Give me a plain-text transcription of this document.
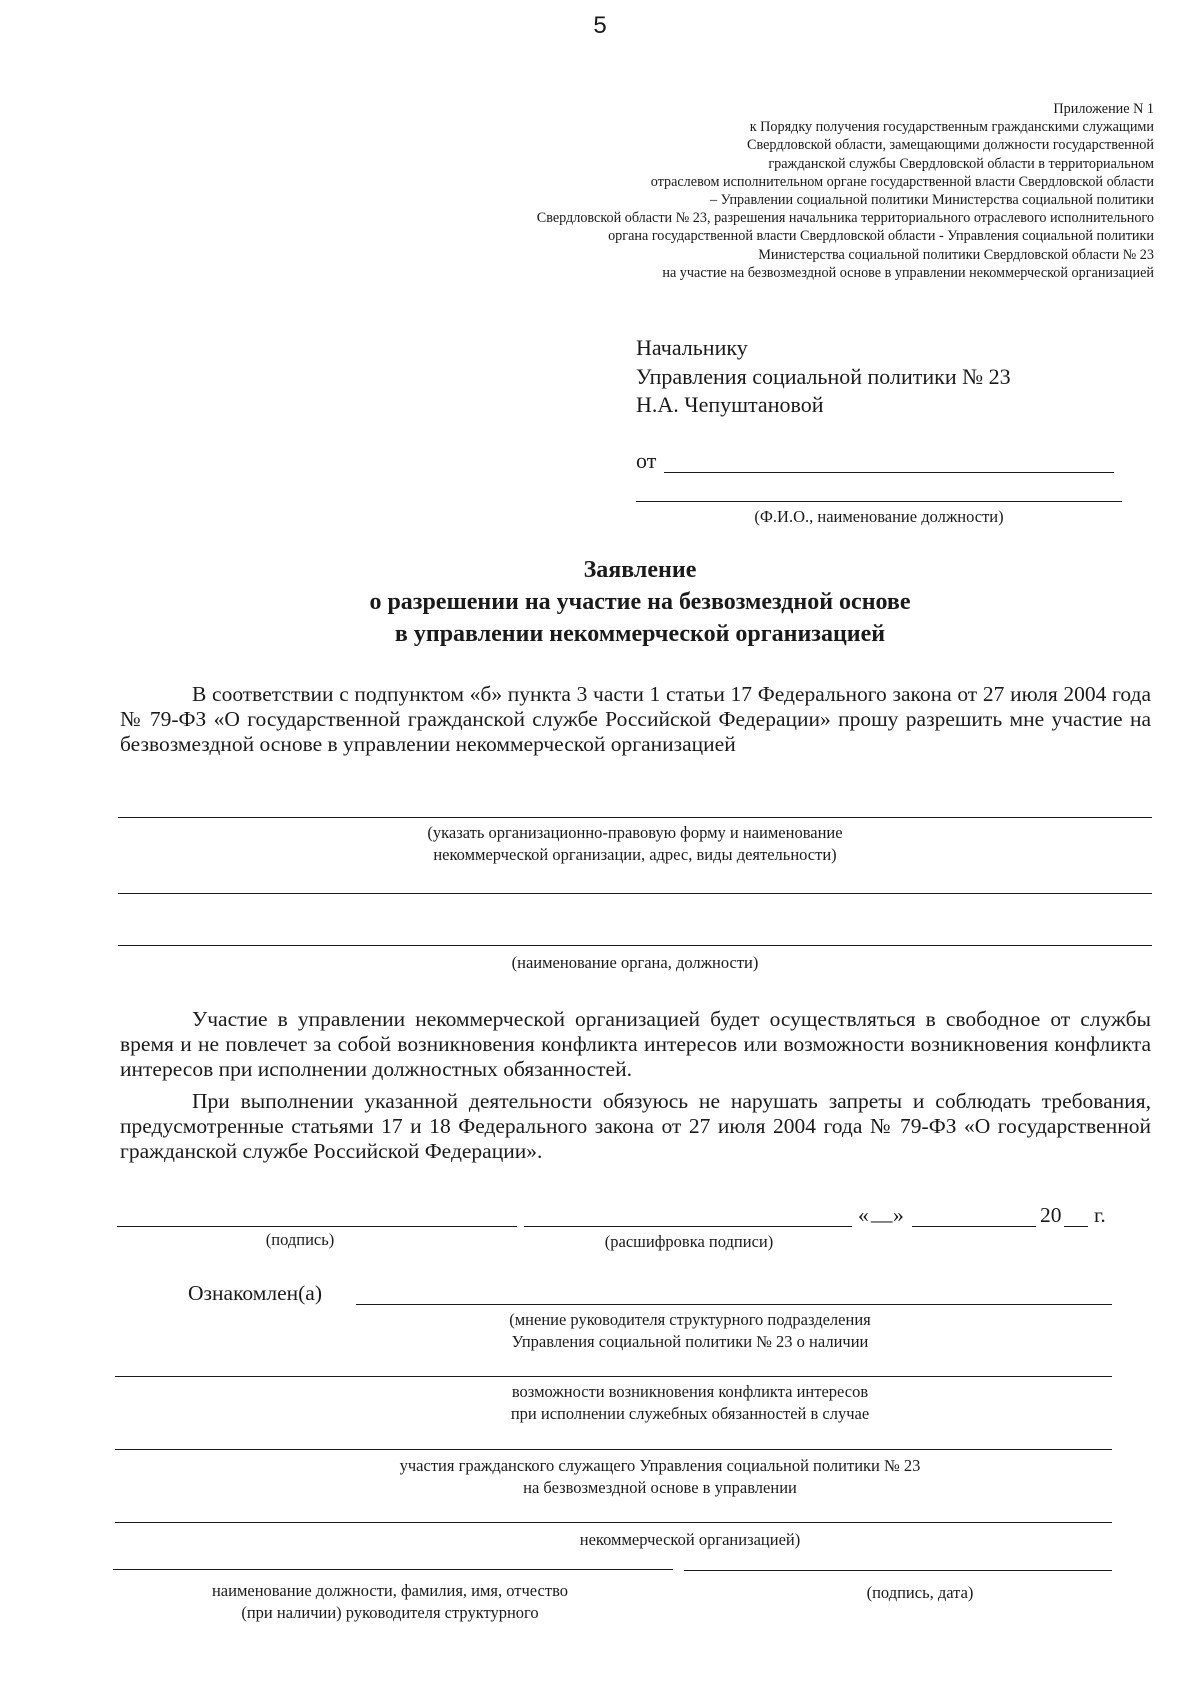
5
Приложение N 1
к Порядку получения государственным гражданскими служащими
Свердловской области, замещающими должности государственной
гражданской службы Свердловской области в территориальном
отраслевом исполнительном органе государственной власти Свердловской области
– Управлении социальной политики Министерства социальной политики
Свердловской области № 23, разрешения начальника территориального отраслевого исполнительного
органа государственной власти Свердловской области - Управления социальной политики
Министерства социальной политики Свердловской области № 23
на участие на безвозмездной основе в управлении некоммерческой организацией
Начальнику
Управления социальной политики № 23
Н.А. Чепуштановой
от
(Ф.И.О., наименование должности)
Заявление
о разрешении на участие на безвозмездной основе
в управлении некоммерческой организацией
В соответствии с подпунктом «б» пункта 3 части 1 статьи 17 Федерального закона от 27 июля 2004 года № 79-ФЗ «О государственной гражданской службе Российской Федерации» прошу разрешить мне участие на безвозмездной основе в управлении некоммерческой организацией
(указать организационно-правовую форму и наименование
некоммерческой организации, адрес, виды деятельности)
(наименование органа, должности)
Участие в управлении некоммерческой организацией будет осуществляться в свободное от службы время и не повлечет за собой возникновения конфликта интересов или возможности возникновения конфликта интересов при исполнении должностных обязанностей.
При выполнении указанной деятельности обязуюсь не нарушать запреты и соблюдать требования, предусмотренные статьями 17 и 18 Федерального закона от 27 июля 2004 года № 79-ФЗ «О государственной гражданской службе Российской Федерации».
« __ »	20 г.
(подпись)	(расшифровка подписи)
Ознакомлен(а)
(мнение руководителя структурного подразделения
Управления социальной политики № 23 о наличии
возможности возникновения конфликта интересов
при исполнении служебных обязанностей в случае
участия гражданского служащего Управления социальной политики № 23
на безвозмездной основе в управлении
некоммерческой организацией)
наименование должности, фамилия, имя, отчество
(при наличии) руководителя структурного
(подпись, дата)
